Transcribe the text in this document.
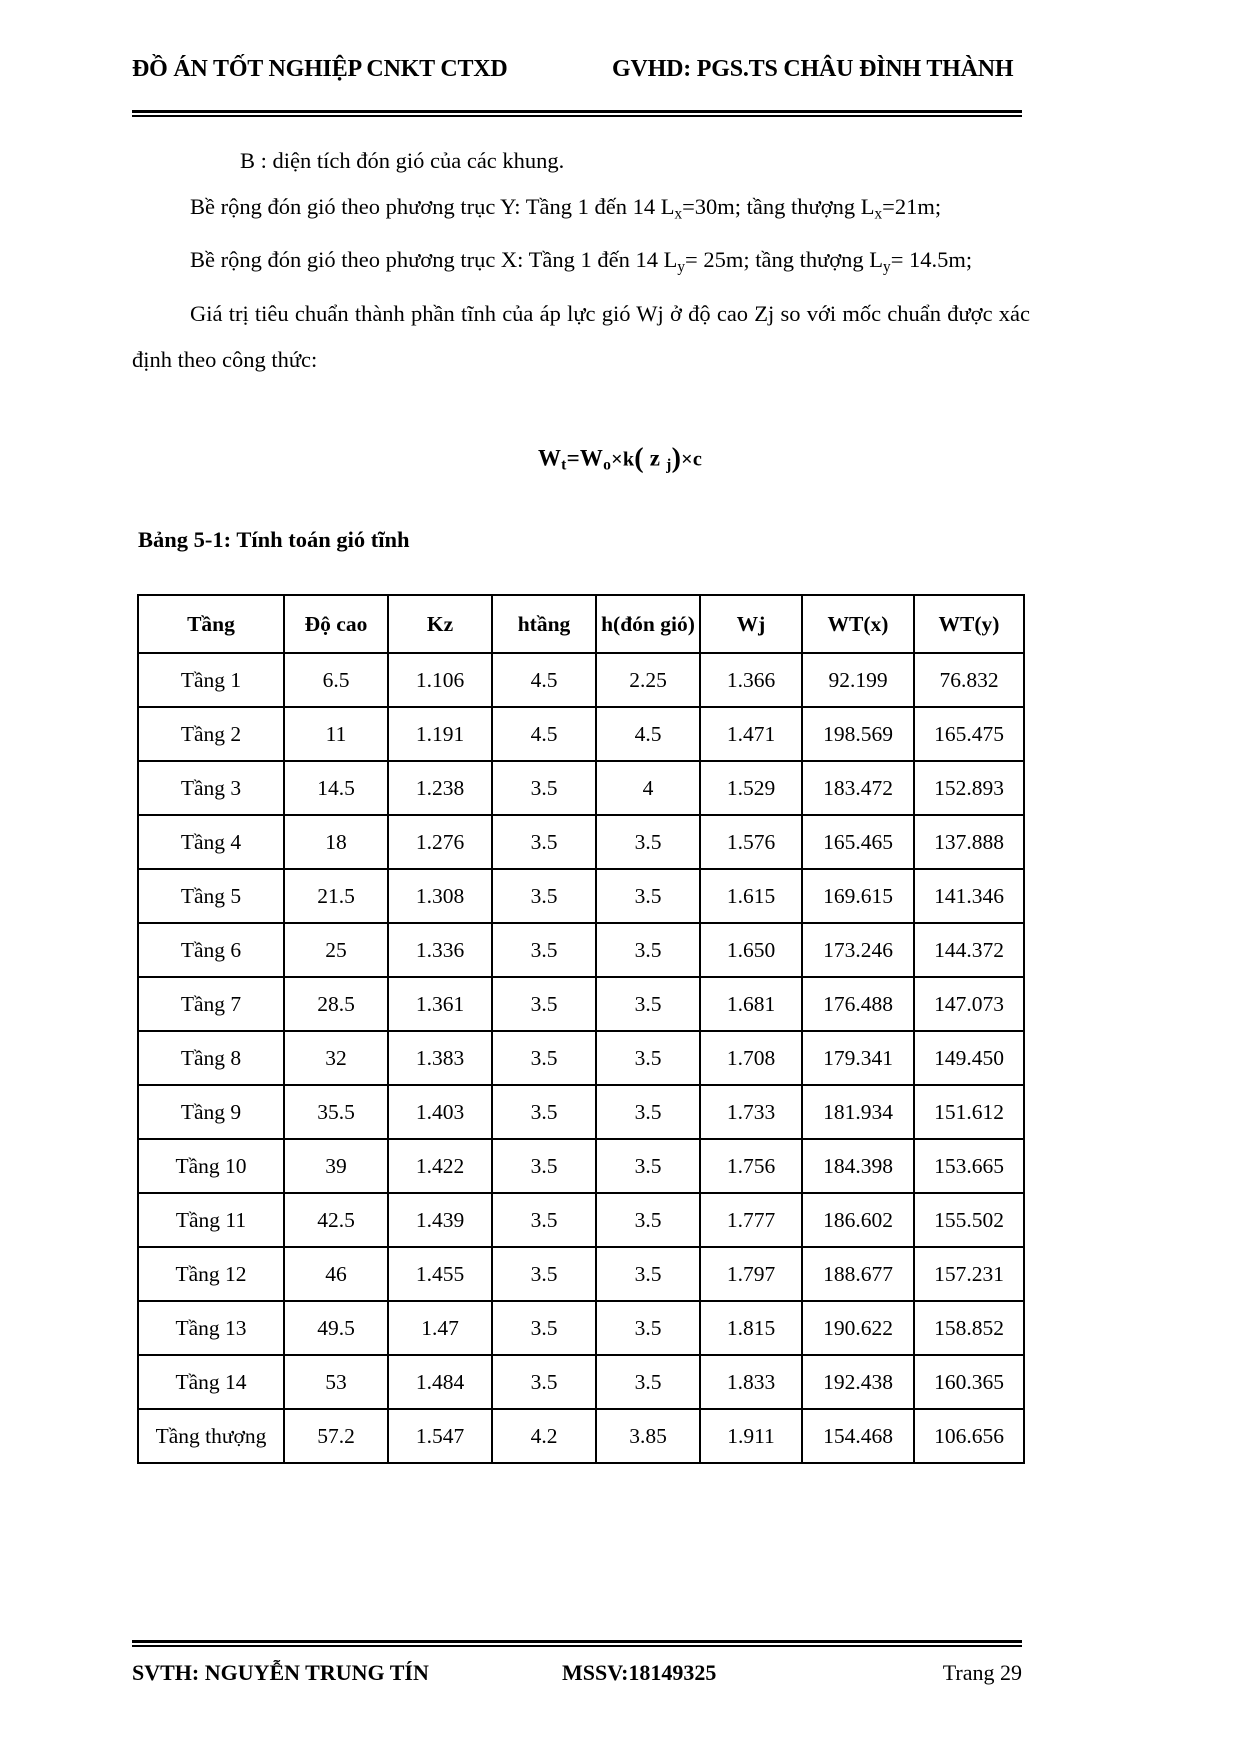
ĐỒ ÁN TỐT NGHIỆP CNKT CTXD	GVHD: PGS.TS CHÂU ĐÌNH THÀNH

B : diện tích đón gió của các khung.

Bề rộng đón gió theo phương trục Y: Tầng 1 đến 14 $L_x=30m$; tầng thượng $L_x=21m$;

Bề rộng đón gió theo phương trục X: Tầng 1 đến 14 $L_y= 25m$; tầng thượng $L_y= 14.5m$;

Giá trị tiêu chuẩn thành phần tĩnh của áp lực gió Wj ở độ cao Zj so với mốc chuẩn được xác định theo công thức:

$W_t=W_o\times k$( z $_j$)×c
Bảng 5-1: Tính toán gió tĩnh
Tầng	Độ cao	Kz	htầng	h(đón gió)	Wj	WT(x)	WT(y)
Tầng 1	6.5	1.106	4.5	2.25	1.366	92.199	76.832
Tầng 2	11	1.191	4.5	4.5	1.471	198.569	165.475
Tầng 3	14.5	1.238	3.5	4	1.529	183.472	152.893
Tầng 4	18	1.276	3.5	3.5	1.576	165.465	137.888
Tầng 5	21.5	1.308	3.5	3.5	1.615	169.615	141.346
Tầng 6	25	1.336	3.5	3.5	1.650	173.246	144.372
Tầng 7	28.5	1.361	3.5	3.5	1.681	176.488	147.073
Tầng 8	32	1.383	3.5	3.5	1.708	179.341	149.450
Tầng 9	35.5	1.403	3.5	3.5	1.733	181.934	151.612
Tầng 10	39	1.422	3.5	3.5	1.756	184.398	153.665
Tầng 11	42.5	1.439	3.5	3.5	1.777	186.602	155.502
Tầng 12	46	1.455	3.5	3.5	1.797	188.677	157.231
Tầng 13	49.5	1.47	3.5	3.5	1.815	190.622	158.852
Tầng 14	53	1.484	3.5	3.5	1.833	192.438	160.365
Tầng thượng	57.2	1.547	4.2	3.85	1.911	154.468	106.656
SVTH: NGUYỄN TRUNG TÍN	MSSV:18149325	Trang 29
